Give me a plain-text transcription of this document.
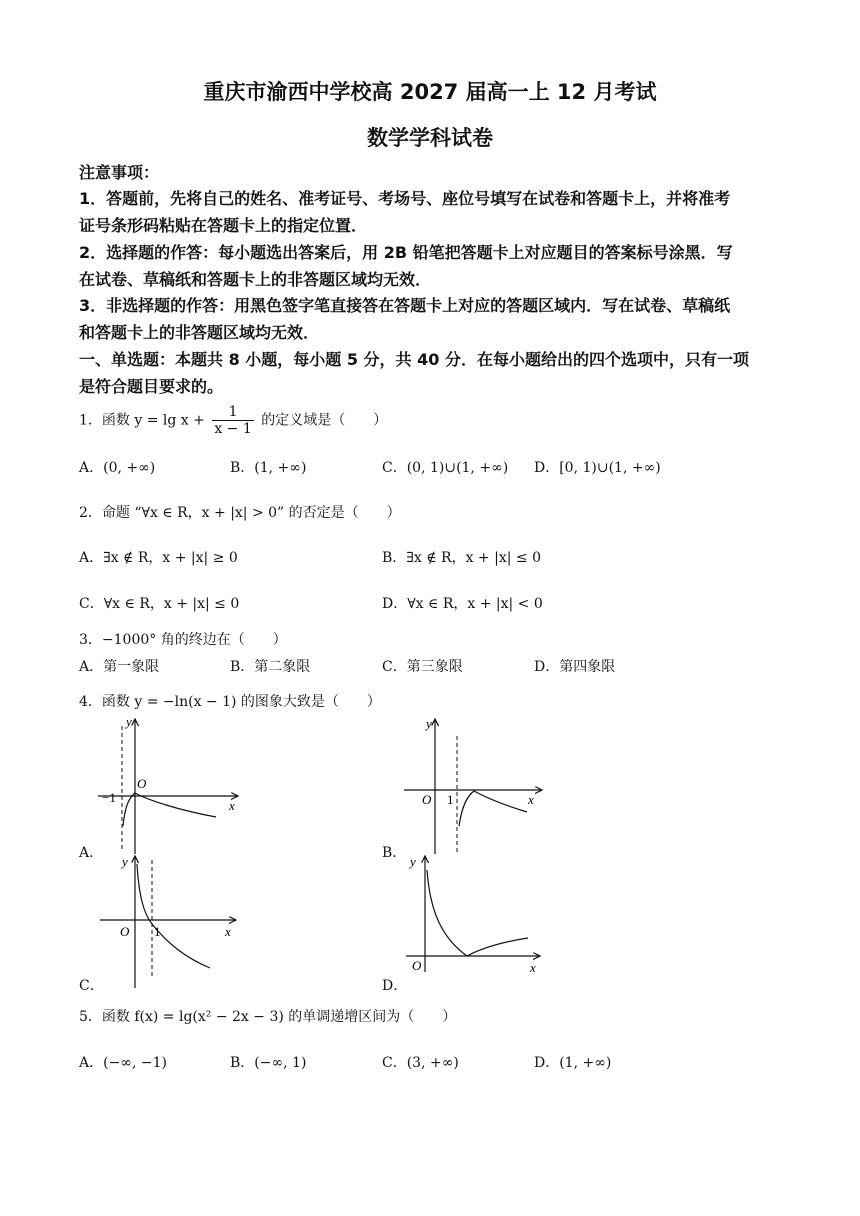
重庆市渝西中学校高 2027 届高一上 12 月考试
数学学科试卷
注意事项：
1．答题前，先将自己的姓名、准考证号、考场号、座位号填写在试卷和答题卡上，并将准考
证号条形码粘贴在答题卡上的指定位置．
2．选择题的作答：每小题选出答案后，用 2B 铅笔把答题卡上对应题目的答案标号涂黑．写
在试卷、草稿纸和答题卡上的非答题区域均无效．
3．非选择题的作答：用黑色签字笔直接答在答题卡上对应的答题区域内．写在试卷、草稿纸
和答题卡上的非答题区域均无效．
一、单选题：本题共 8 小题，每小题 5 分，共 40 分．在每小题给出的四个选项中，只有一项
是符合题目要求的。
1．函数 $y = \lg x + \frac{1}{x - 1}$ 的定义域是（　　）
A．(0, +∞)	B．(1, +∞)	C．(0, 1)∪(1, +∞) D．[0, 1)∪(1, +∞)
2．命题 “∀x ∈ R，x + |x| > 0” 的否定是（　　）
A．∃x ∉ R，x + |x| ≥ 0	B．∃x ∉ R，x + |x| ≤ 0
C．∀x ∈ R，x + |x| ≤ 0	D．∀x ∈ R，x + |x| < 0
3．−1000° 角的终边在（　　）
A．第一象限	B．第二象限	C．第三象限	D．第四象限
4．函数 y = −ln(x − 1) 的图象大致是（　　）
y
x
O
−1
A．
y
x
O 1
B．
y
x
O 1
C．
y
x
O
D．
5．函数 f(x) = lg(x² − 2x − 3) 的单调递增区间为（　　）
A．(−∞, −1)	B．(−∞, 1)	C．(3, +∞)	D．(1, +∞)
